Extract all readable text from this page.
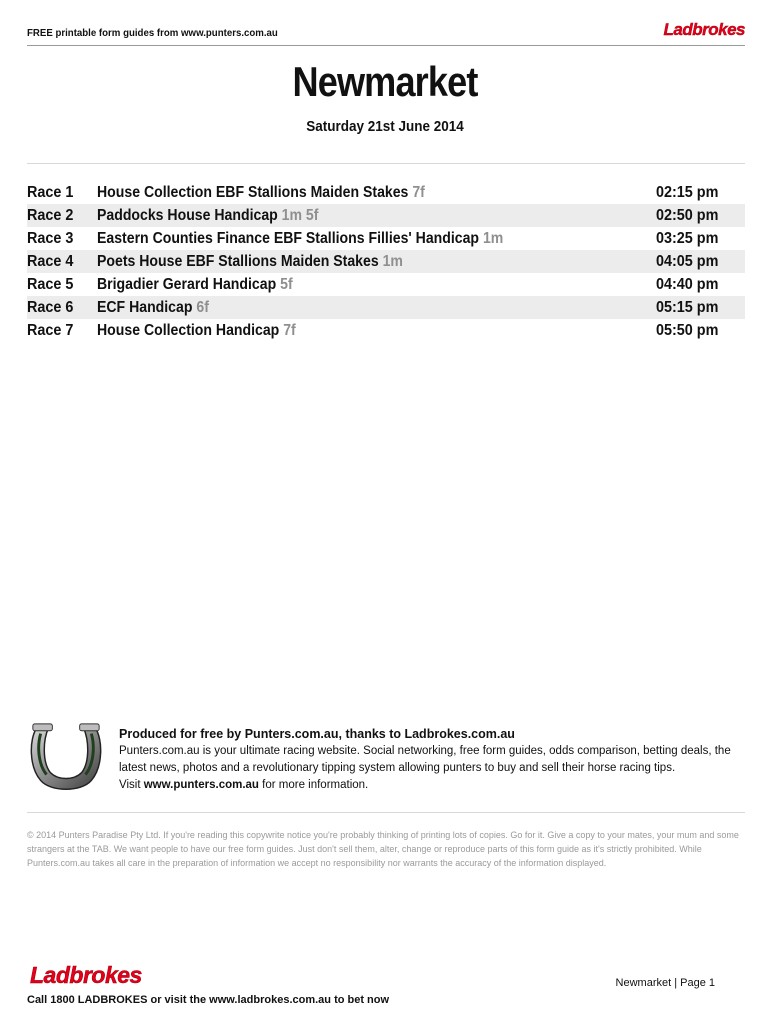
FREE printable form guides from www.punters.com.au	Ladbrokes
Newmarket
Saturday 21st June 2014
Race 1 House Collection EBF Stallions Maiden Stakes 7f	02:15 pm
Race 2 Paddocks House Handicap 1m 5f	02:50 pm
Race 3 Eastern Counties Finance EBF Stallions Fillies' Handicap 1m	03:25 pm
Race 4 Poets House EBF Stallions Maiden Stakes 1m	04:05 pm
Race 5 Brigadier Gerard Handicap 5f	04:40 pm
Race 6 ECF Handicap 6f	05:15 pm
Race 7 House Collection Handicap 7f	05:50 pm
Produced for free by Punters.com.au, thanks to Ladbrokes.com.au
Punters.com.au is your ultimate racing website. Social networking, free form guides, odds comparison, betting deals, the latest news, photos and a revolutionary tipping system allowing punters to buy and sell their horse racing tips.
Visit www.punters.com.au for more information.
© 2014 Punters Paradise Pty Ltd. If you're reading this copywrite notice you're probably thinking of printing lots of copies. Go for it. Give a copy to your mates, your mum and some strangers at the TAB. We want people to have our free form guides. Just don't sell them, alter, change or reproduce parts of this form guide as it's strictly prohibited. While Punters.com.au takes all care in the preparation of information we accept no responsibility nor warrants the accuracy of the information displayed.
Ladbrokes	Newmarket | Page 1
Call 1800 LADBROKES or visit the www.ladbrokes.com.au to bet now
